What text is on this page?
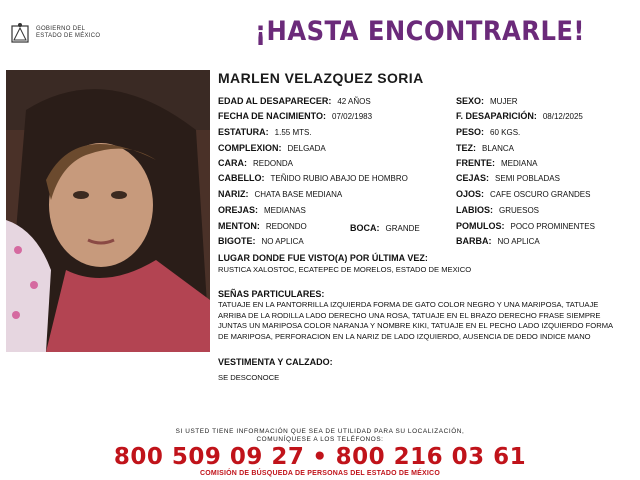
GOBIERNO DEL
ESTADO DE MÉXICO	¡HASTA ENCONTRARLE!
MARLEN VELAZQUEZ SORIA
EDAD AL DESAPARECER: 42 AÑOS
FECHA DE NACIMIENTO: 07/02/1983
ESTATURA: 1.55 MTS.
COMPLEXION: DELGADA
CARA: REDONDA
CABELLO: TEÑIDO RUBIO ABAJO DE HOMBRO
NARIZ: CHATA BASE MEDIANA
OREJAS: MEDIANAS
MENTON: REDONDO	BOCA: GRANDE
BIGOTE: NO APLICA
SEXO: MUJER
F. DESAPARICIÓN: 08/12/2025
PESO: 60 KGS.
TEZ: BLANCA
FRENTE: MEDIANA
CEJAS: SEMI POBLADAS
OJOS: CAFE OSCURO GRANDES
LABIOS: GRUESOS
POMULOS: POCO PROMINENTES
BARBA: NO APLICA
LUGAR DONDE FUE VISTO(A) POR ÚLTIMA VEZ:
RUSTICA XALOSTOC, ECATEPEC DE MORELOS, ESTADO DE MEXICO
SEÑAS PARTICULARES:
TATUAJE EN LA PANTORRILLA IZQUIERDA FORMA DE GATO COLOR NEGRO Y UNA MARIPOSA, TATUAJE ARRIBA DE LA RODILLA LADO DERECHO UNA ROSA, TATUAJE EN EL BRAZO DERECHO FRASE SIEMPRE JUNTAS UN MARIPOSA COLOR NARANJA Y NOMBRE KIKI, TATUAJE EN EL PECHO LADO IZQUIERDO FORMA DE MARIPOSA, PERFORACION EN LA NARIZ DE LADO IZQUIERDO, AUSENCIA DE DEDO INDICE MANO
VESTIMENTA Y CALZADO:
SE DESCONOCE
SI USTED TIENE INFORMACIÓN QUE SEA DE UTILIDAD PARA SU LOCALIZACIÓN,
COMUNÍQUESE A LOS TELÉFONOS:
800 509 09 27 • 800 216 03 61
COMISIÓN DE BÚSQUEDA DE PERSONAS DEL ESTADO DE MÉXICO
